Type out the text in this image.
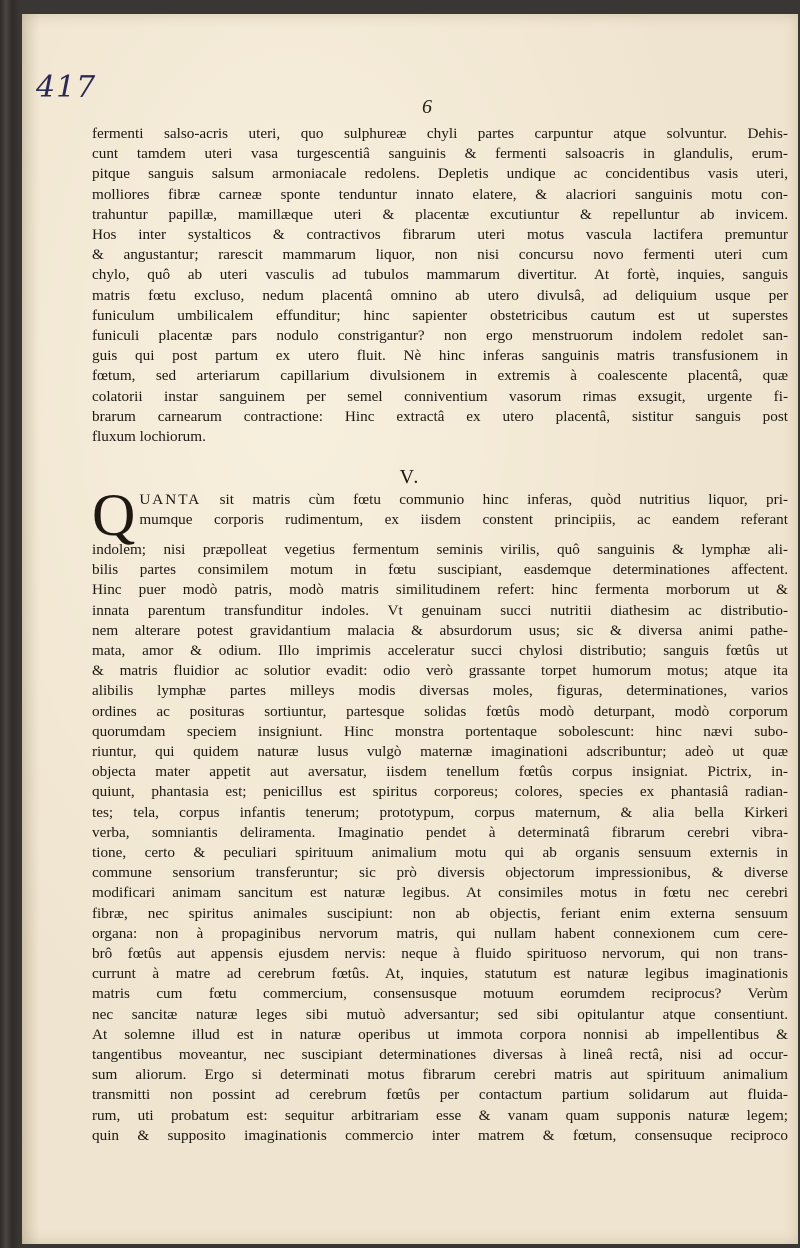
417
6
fermenti salso-acris uteri, quo sulphureæ chyli partes carpuntur atque solvuntur. Dehis-
cunt tamdem uteri vasa turgescentiâ sanguinis & fermenti salsoacris in glandulis, erum-
pitque sanguis salsum armoniacale redolens. Depletis undique ac concidentibus vasis uteri,
molliores fibræ carneæ sponte tenduntur innato elatere, & alacriori sanguinis motu con-
trahuntur papillæ, mamillæque uteri & placentæ excutiuntur & repelluntur ab invicem.
Hos inter systalticos & contractivos fibrarum uteri motus vascula lactifera premuntur
& angustantur; rarescit mammarum liquor, non nisi concursu novo fermenti uteri cum
chylo, quô ab uteri vasculis ad tubulos mammarum divertitur. At fortè, inquies, sanguis
matris fœtu excluso, nedum placentâ omnino ab utero divulsâ, ad deliquium usque per
funiculum umbilicalem effunditur; hinc sapienter obstetricibus cautum est ut superstes
funiculi placentæ pars nodulo constrigantur? non ergo menstruorum indolem redolet san-
guis qui post partum ex utero fluit. Nè hinc inferas sanguinis matris transfusionem in
fœtum, sed arteriarum capillarium divulsionem in extremis à coalescente placentâ, quæ
colatorii instar sanguinem per semel conniventium vasorum rimas exsugit, urgente fi-
brarum carnearum contractione: Hinc extractâ ex utero placentâ, sistitur sanguis post
fluxum lochiorum.
V.
Q UANTA sit matris cùm fœtu communio hinc inferas, quòd nutritius liquor, pri-
mumque corporis rudimentum, ex iisdem constent principiis, ac eandem referant
indolem; nisi præpolleat vegetius fermentum seminis virilis, quô sanguinis & lymphæ ali-
bilis partes consimilem motum in fœtu suscipiant, easdemque determinationes affectent.
Hinc puer modò patris, modò matris similitudinem refert: hinc fermenta morborum ut &
innata parentum transfunditur indoles. Vt genuinam succi nutritii diathesim ac distributio-
nem alterare potest gravidantium malacia & absurdorum usus; sic & diversa animi pathe-
mata, amor & odium. Illo imprimis acceleratur succi chylosi distributio; sanguis fœtûs ut
& matris fluidior ac solutior evadit: odio verò grassante torpet humorum motus; atque ita
alibilis lymphæ partes milleys modis diversas moles, figuras, determinationes, varios
ordines ac posituras sortiuntur, partesque solidas fœtûs modò deturpant, modò corporum
quorumdam speciem insigniunt. Hinc monstra portentaque sobolescunt: hinc nævi subo-
riuntur, qui quidem naturæ lusus vulgò maternæ imaginationi adscribuntur; adeò ut quæ
objecta mater appetit aut aversatur, iisdem tenellum fœtûs corpus insigniat. Pictrix, in-
quiunt, phantasia est; penicillus est spiritus corporeus; colores, species ex phantasiâ radian-
tes; tela, corpus infantis tenerum; prototypum, corpus maternum, & alia bella Kirkeri
verba, somniantis deliramenta. Imaginatio pendet à determinatâ fibrarum cerebri vibra-
tione, certo & peculiari spirituum animalium motu qui ab organis sensuum externis in
commune sensorium transferuntur; sic prò diversis objectorum impressionibus, & diverse
modificari animam sancitum est naturæ legibus. At consimiles motus in fœtu nec cerebri
fibræ, nec spiritus animales suscipiunt: non ab objectis, feriant enim externa sensuum
organa: non à propaginibus nervorum matris, qui nullam habent connexionem cum cere-
brô fœtûs aut appensis ejusdem nervis: neque à fluido spirituoso nervorum, qui non trans-
currunt à matre ad cerebrum fœtûs. At, inquies, statutum est naturæ legibus imaginationis
matris cum fœtu commercium, consensusque motuum eorumdem reciprocus? Verùm
nec sancitæ naturæ leges sibi mutuò adversantur; sed sibi opitulantur atque consentiunt.
At solemne illud est in naturæ operibus ut immota corpora nonnisi ab impellentibus &
tangentibus moveantur, nec suscipiant determinationes diversas à lineâ rectâ, nisi ad occur-
sum aliorum. Ergo si determinati motus fibrarum cerebri matris aut spirituum animalium
transmitti non possint ad cerebrum fœtûs per contactum partium solidarum aut fluida-
rum, uti probatum est: sequitur arbitrariam esse & vanam quam supponis naturæ legem;
quin & supposito imaginationis commercio inter matrem & fœtum, consensuque reciproco
